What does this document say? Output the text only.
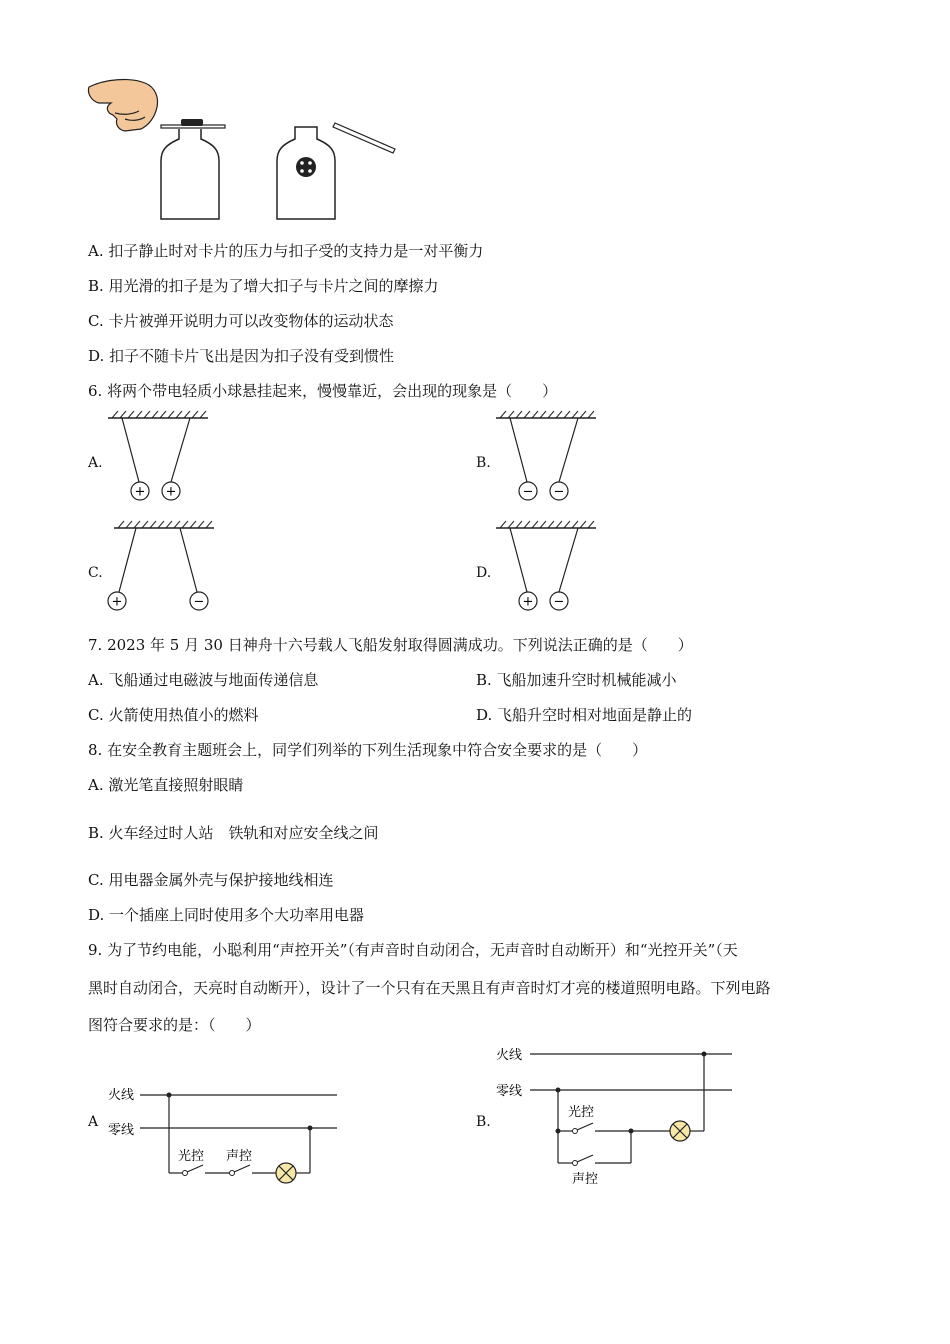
A. 扣子静止时对卡片的压力与扣子受的支持力是一对平衡力
B. 用光滑的扣子是为了增大扣子与卡片之间的摩擦力
C. 卡片被弹开说明力可以改变物体的运动状态
D. 扣子不随卡片飞出是因为扣子没有受到惯性
6. 将两个带电轻质小球悬挂起来，慢慢靠近，会出现的现象是（　　）
A.	B.
C.	D.
+ +	− −
+	−	+ −
7. 2023 年 5 月 30 日神舟十六号载人飞船发射取得圆满成功。下列说法正确的是（　　）
A. 飞船通过电磁波与地面传递信息	B. 飞船加速升空时机械能减小
C. 火箭使用热值小的燃料	D. 飞船升空时相对地面是静止的
8. 在安全教育主题班会上，同学们列举的下列生活现象中符合安全要求的是（　　）
A. 激光笔直接照射眼睛
B. 火车经过时人站　铁轨和对应安全线之间
C. 用电器金属外壳与保护接地线相连
D. 一个插座上同时使用多个大功率用电器
9. 为了节约电能，小聪利用“声控开关”（有声音时自动闭合，无声音时自动断开）和“光控开关”（天
黑时自动闭合，天亮时自动断开），设计了一个只有在天黑且有声音时灯才亮的楼道照明电路。下列电路
图符合要求的是：（　　）
A	B.
火线
零线
光控 声控
火线
零线
光控
声控
